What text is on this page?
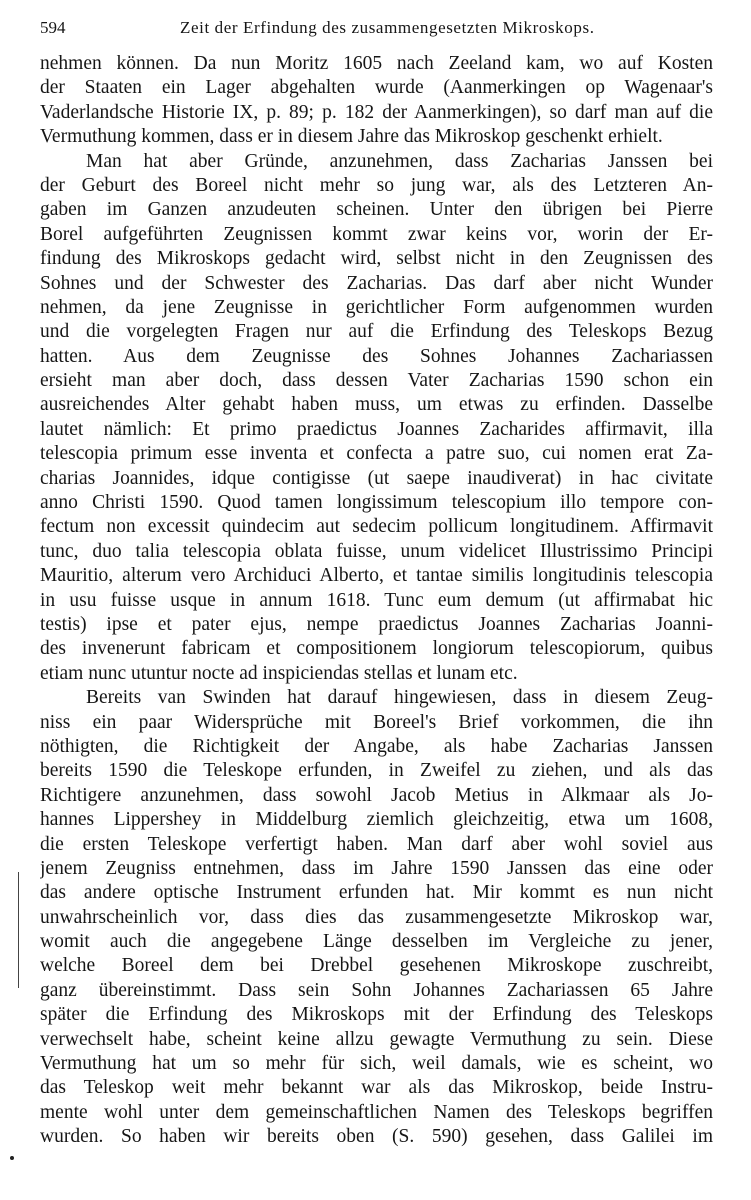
594	Zeit der Erfindung des zusammengesetzten Mikroskops.
nehmen können. Da nun Moritz 1605 nach Zeeland kam, wo auf Kosten
der Staaten ein Lager abgehalten wurde (Aanmerkingen op Wagenaar's
Vaderlandsche Historie IX, p. 89; p. 182 der Aanmerkingen), so darf man auf die
Vermuthung kommen, dass er in diesem Jahre das Mikroskop geschenkt erhielt.
Man hat aber Gründe, anzunehmen, dass Zacharias Janssen bei
der Geburt des Boreel nicht mehr so jung war, als des Letzteren An-
gaben im Ganzen anzudeuten scheinen. Unter den übrigen bei Pierre
Borel aufgeführten Zeugnissen kommt zwar keins vor, worin der Er-
findung des Mikroskops gedacht wird, selbst nicht in den Zeugnissen des
Sohnes und der Schwester des Zacharias. Das darf aber nicht Wunder
nehmen, da jene Zeugnisse in gerichtlicher Form aufgenommen wurden
und die vorgelegten Fragen nur auf die Erfindung des Teleskops Bezug
hatten. Aus dem Zeugnisse des Sohnes Johannes Zachariassen
ersieht man aber doch, dass dessen Vater Zacharias 1590 schon ein
ausreichendes Alter gehabt haben muss, um etwas zu erfinden. Dasselbe
lautet nämlich: Et primo praedictus Joannes Zacharides affirmavit, illa
telescopia primum esse inventa et confecta a patre suo, cui nomen erat Za-
charias Joannides, idque contigisse (ut saepe inaudiverat) in hac civitate
anno Christi 1590. Quod tamen longissimum telescopium illo tempore con-
fectum non excessit quindecim aut sedecim pollicum longitudinem. Affirmavit
tunc, duo talia telescopia oblata fuisse, unum videlicet Illustrissimo Principi
Mauritio, alterum vero Archiduci Alberto, et tantae similis longitudinis telescopia
in usu fuisse usque in annum 1618. Tunc eum demum (ut affirmabat hic
testis) ipse et pater ejus, nempe praedictus Joannes Zacharias Joanni-
des invenerunt fabricam et compositionem longiorum telescopiorum, quibus
etiam nunc utuntur nocte ad inspiciendas stellas et lunam etc.
Bereits van Swinden hat darauf hingewiesen, dass in diesem Zeug-
niss ein paar Widersprüche mit Boreel's Brief vorkommen, die ihn
nöthigten, die Richtigkeit der Angabe, als habe Zacharias Janssen
bereits 1590 die Teleskope erfunden, in Zweifel zu ziehen, und als das
Richtigere anzunehmen, dass sowohl Jacob Metius in Alkmaar als Jo-
hannes Lippershey in Middelburg ziemlich gleichzeitig, etwa um 1608,
die ersten Teleskope verfertigt haben. Man darf aber wohl soviel aus
jenem Zeugniss entnehmen, dass im Jahre 1590 Janssen das eine oder
das andere optische Instrument erfunden hat. Mir kommt es nun nicht
unwahrscheinlich vor, dass dies das zusammengesetzte Mikroskop war,
womit auch die angegebene Länge desselben im Vergleiche zu jener,
welche Boreel dem bei Drebbel gesehenen Mikroskope zuschreibt,
ganz übereinstimmt. Dass sein Sohn Johannes Zachariassen 65 Jahre
später die Erfindung des Mikroskops mit der Erfindung des Teleskops
verwechselt habe, scheint keine allzu gewagte Vermuthung zu sein. Diese
Vermuthung hat um so mehr für sich, weil damals, wie es scheint, wo
das Teleskop weit mehr bekannt war als das Mikroskop, beide Instru-
mente wohl unter dem gemeinschaftlichen Namen des Teleskops begriffen
wurden. So haben wir bereits oben (S. 590) gesehen, dass Galilei im
